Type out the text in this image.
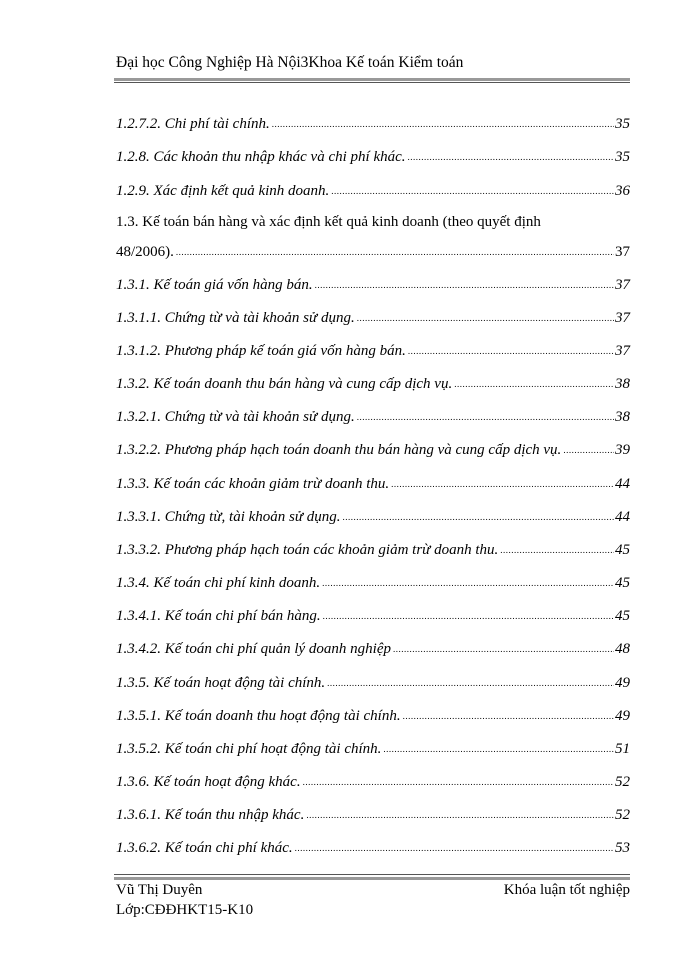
Đại học Công Nghiệp Hà Nội3Khoa Kế toán Kiểm toán
1.2.7.2. Chi phí tài chính. .....	35
1.2.8. Các khoản thu nhập khác và chi phí khác. .....	35
1.2.9. Xác định kết quả kinh doanh. .....	36
1.3. Kế toán bán hàng và xác định kết quả kinh doanh (theo quyết định
48/2006). .....	37
1.3.1. Kế toán giá vốn hàng bán. .....	37
1.3.1.1. Chứng từ và tài khoản sử dụng. .....	37
1.3.1.2. Phương pháp kế toán giá vốn hàng bán. .....	37
1.3.2. Kế toán doanh thu bán hàng và cung cấp dịch vụ. .....	38
1.3.2.1. Chứng từ và tài khoản sử dụng. .....	38
1.3.2.2. Phương pháp hạch toán doanh thu bán hàng và cung cấp dịch vụ. .....	39
1.3.3. Kế toán các khoản giảm trừ doanh thu. .....	44
1.3.3.1. Chứng từ, tài khoản sử dụng. .....	44
1.3.3.2. Phương pháp hạch toán các khoản giảm trừ doanh thu. .....	45
1.3.4. Kế toán chi phí kinh doanh. .....	45
1.3.4.1. Kế toán chi phí bán hàng. .....	45
1.3.4.2. Kế toán chi phí quản lý doanh nghiệp .....	48
1.3.5. Kế toán hoạt động tài chính. .....	49
1.3.5.1. Kế toán doanh thu hoạt động tài chính. .....	49
1.3.5.2. Kế toán chi phí hoạt động tài chính. .....	51
1.3.6. Kế toán hoạt động khác. .....	52
1.3.6.1. Kế toán thu nhập khác. .....	52
1.3.6.2. Kế toán chi phí khác. .....	53
Vũ Thị Duyên	Khóa luận tốt nghiệp
Lớp:CĐĐHKT15-K10
